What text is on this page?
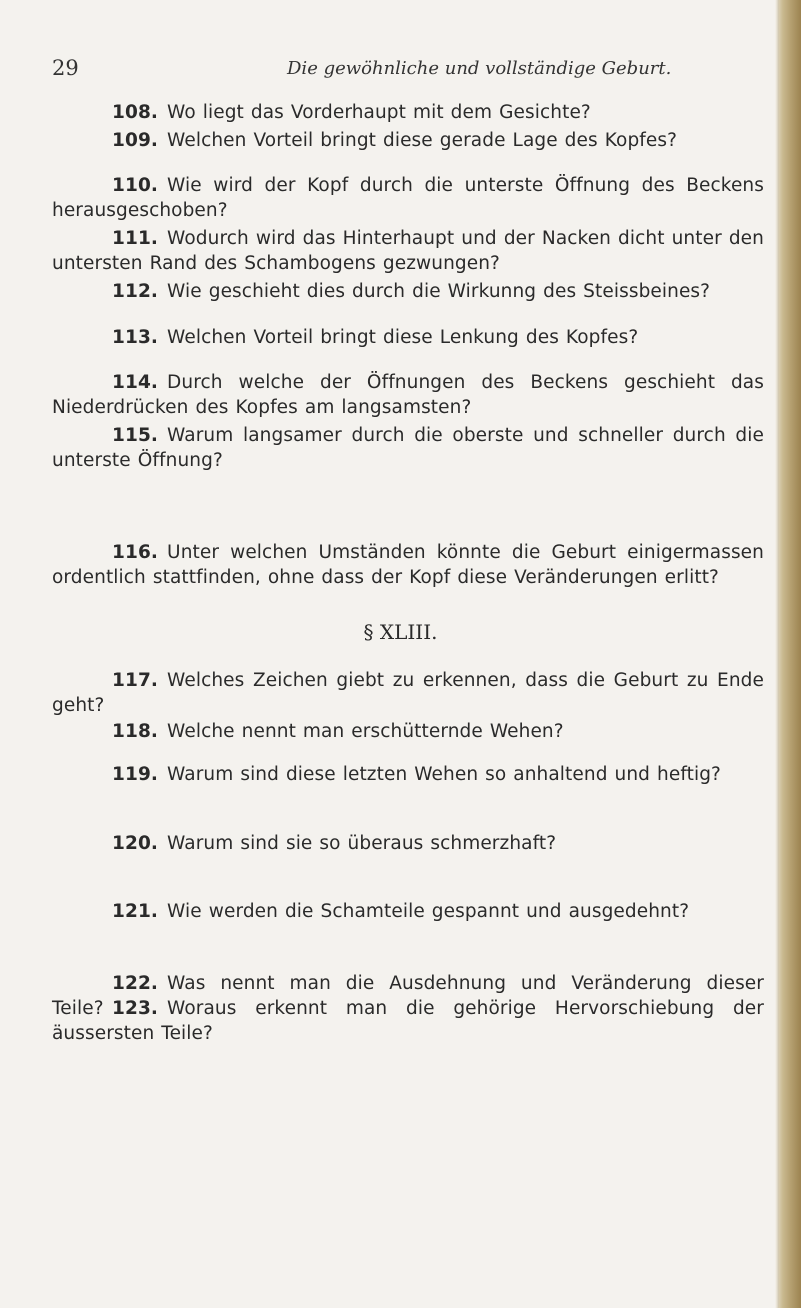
29	Die gewöhnliche und vollständige Geburt.
108. Wo liegt das Vorderhaupt mit dem Gesichte?
109. Welchen Vorteil bringt diese gerade Lage des Kopfes?
110. Wie wird der Kopf durch die unterste Öffnung des Beckens herausgeschoben?
111. Wodurch wird das Hinterhaupt und der Nacken dicht unter den untersten Rand des Schambogens gezwungen?
112. Wie geschieht dies durch die Wirkunng des Steissbeines?
113. Welchen Vorteil bringt diese Lenkung des Kopfes?
114. Durch welche der Öffnungen des Beckens geschieht das Niederdrücken des Kopfes am langsamsten?
115. Warum langsamer durch die oberste und schneller durch die unterste Öffnung?
116. Unter welchen Umständen könnte die Geburt einigermassen ordentlich stattfinden, ohne dass der Kopf diese Veränderungen erlitt?
§ XLIII.
117. Welches Zeichen giebt zu erkennen, dass die Geburt zu Ende geht?
118. Welche nennt man erschütternde Wehen?
119. Warum sind diese letzten Wehen so anhaltend und heftig?
120. Warum sind sie so überaus schmerzhaft?
121. Wie werden die Schamteile gespannt und ausgedehnt?
122. Was nennt man die Ausdehnung und Veränderung dieser Teile? 123. Woraus erkennt man die gehörige Hervorschiebung der äussersten Teile?
